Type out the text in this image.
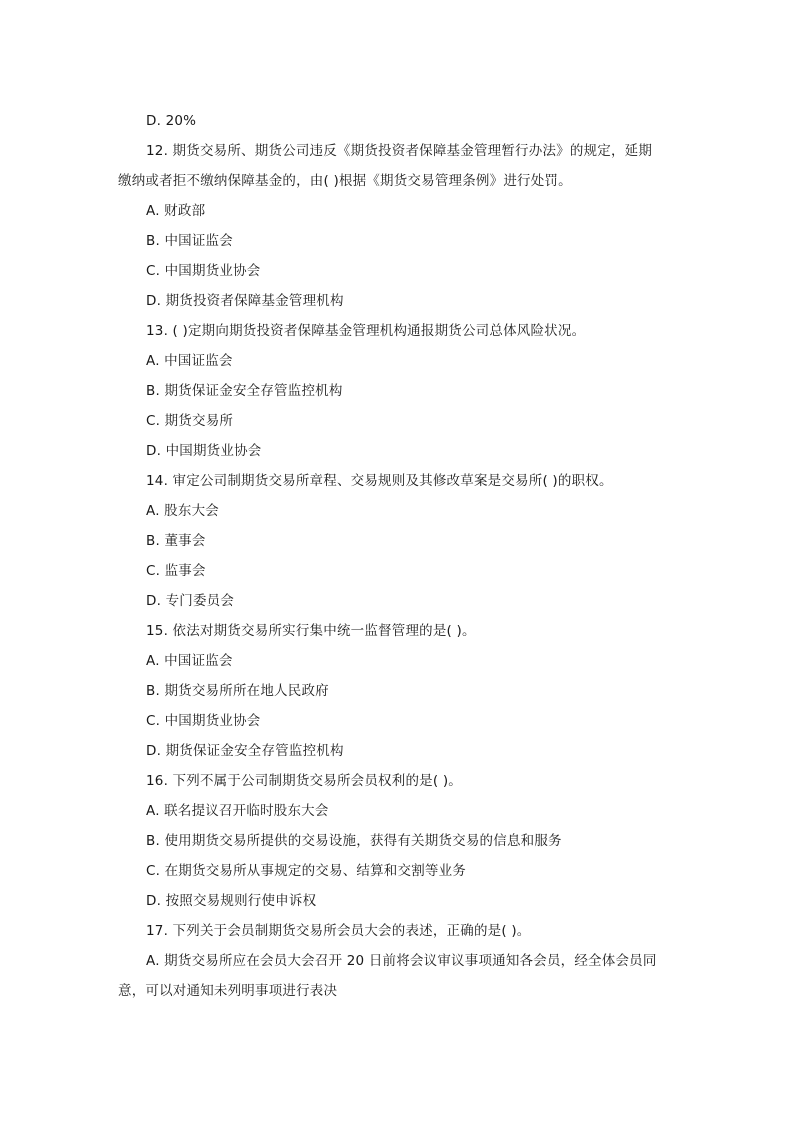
D. 20%
12. 期货交易所、期货公司违反《期货投资者保障基金管理暂行办法》的规定，延期
缴纳或者拒不缴纳保障基金的，由( )根据《期货交易管理条例》进行处罚。
A. 财政部
B. 中国证监会
C. 中国期货业协会
D. 期货投资者保障基金管理机构
13. ( )定期向期货投资者保障基金管理机构通报期货公司总体风险状况。
A. 中国证监会
B. 期货保证金安全存管监控机构
C. 期货交易所
D. 中国期货业协会
14. 审定公司制期货交易所章程、交易规则及其修改草案是交易所( )的职权。
A. 股东大会
B. 董事会
C. 监事会
D. 专门委员会
15. 依法对期货交易所实行集中统一监督管理的是( )。
A. 中国证监会
B. 期货交易所所在地人民政府
C. 中国期货业协会
D. 期货保证金安全存管监控机构
16. 下列不属于公司制期货交易所会员权利的是( )。
A. 联名提议召开临时股东大会
B. 使用期货交易所提供的交易设施，获得有关期货交易的信息和服务
C. 在期货交易所从事规定的交易、结算和交割等业务
D. 按照交易规则行使申诉权
17. 下列关于会员制期货交易所会员大会的表述，正确的是( )。
A. 期货交易所应在会员大会召开 20 日前将会议审议事项通知各会员，经全体会员同
意，可以对通知未列明事项进行表决
